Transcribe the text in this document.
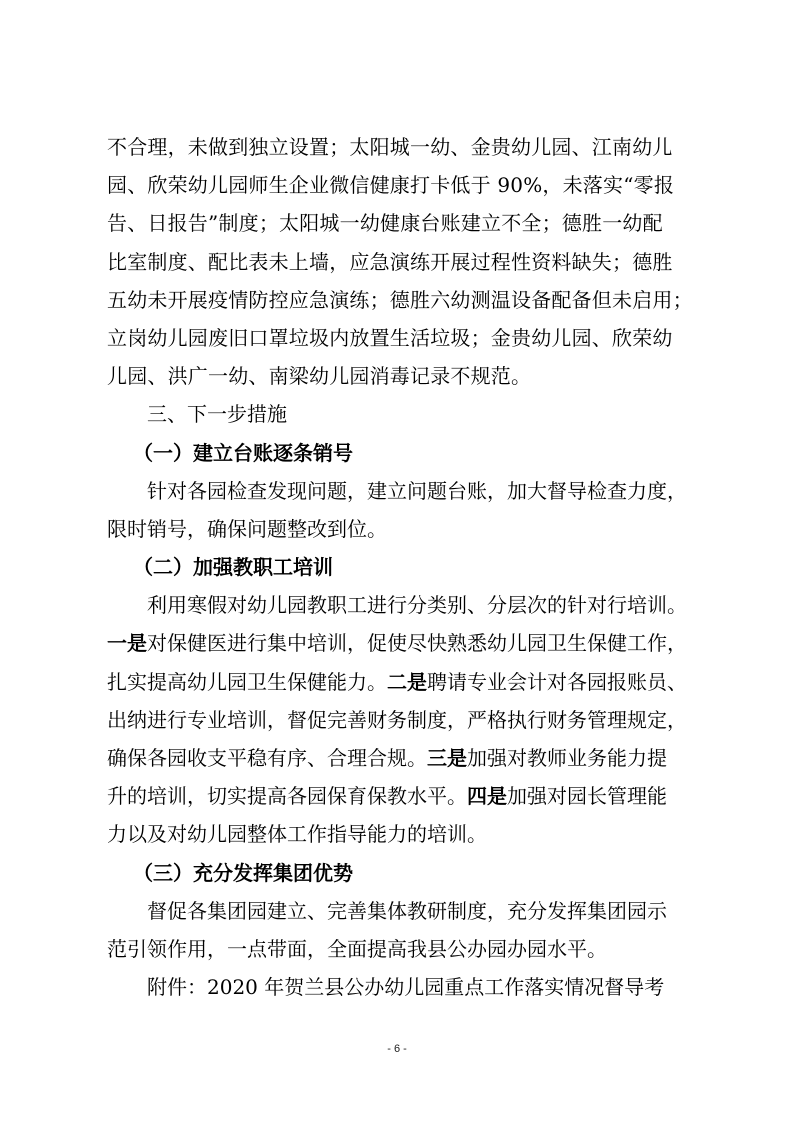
不合理，未做到独立设置；太阳城一幼、金贵幼儿园、江南幼儿
园、欣荣幼儿园师生企业微信健康打卡低于 90%，未落实“零报
告、日报告”制度；太阳城一幼健康台账建立不全；德胜一幼配
比室制度、配比表未上墙，应急演练开展过程性资料缺失；德胜
五幼未开展疫情防控应急演练；德胜六幼测温设备配备但未启用；
立岗幼儿园废旧口罩垃圾内放置生活垃圾；金贵幼儿园、欣荣幼
儿园、洪广一幼、南梁幼儿园消毒记录不规范。
三、下一步措施
（一）建立台账逐条销号
针对各园检查发现问题，建立问题台账，加大督导检查力度，
限时销号，确保问题整改到位。
（二）加强教职工培训
利用寒假对幼儿园教职工进行分类别、分层次的针对行培训。
一是对保健医进行集中培训，促使尽快熟悉幼儿园卫生保健工作，
扎实提高幼儿园卫生保健能力。二是聘请专业会计对各园报账员、
出纳进行专业培训，督促完善财务制度，严格执行财务管理规定，
确保各园收支平稳有序、合理合规。三是加强对教师业务能力提
升的培训，切实提高各园保育保教水平。四是加强对园长管理能
力以及对幼儿园整体工作指导能力的培训。
（三）充分发挥集团优势
督促各集团园建立、完善集体教研制度，充分发挥集团园示
范引领作用，一点带面，全面提高我县公办园办园水平。
附件：2020 年贺兰县公办幼儿园重点工作落实情况督导考
- 6 -
